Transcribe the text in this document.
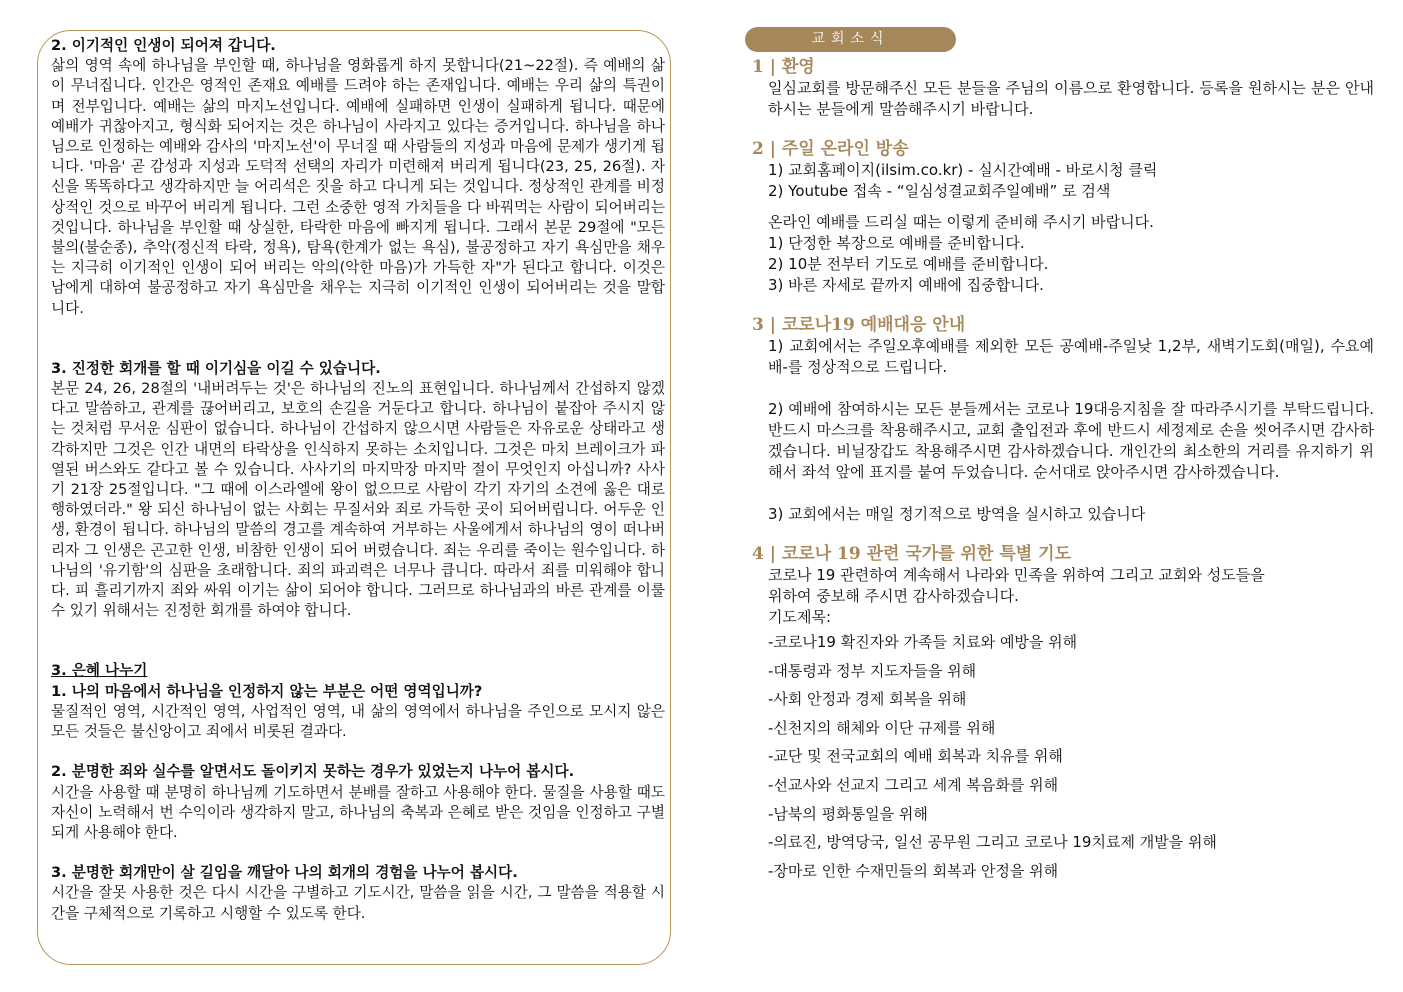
2. 이기적인 인생이 되어져 갑니다.

삶의 영역 속에 하나님을 부인할 때, 하나님을 영화롭게 하지 못합니다(21~22절). 즉 예배의 삶이 무너집니다. 인간은 영적인 존재요 예배를 드려야 하는 존재입니다. 예배는 우리 삶의 특권이며 전부입니다. 예배는 삶의 마지노선입니다. 예배에 실패하면 인생이 실패하게 됩니다. 때문에 예배가 귀찮아지고, 형식화 되어지는 것은 하나님이 사라지고 있다는 증거입니다. 하나님을 하나님으로 인정하는 예배와 감사의 '마지노선'이 무너질 때 사람들의 지성과 마음에 문제가 생기게 됩니다. '마음' 곧 감성과 지성과 도덕적 선택의 자리가 미련해져 버리게 됩니다(23, 25, 26절). 자신을 똑똑하다고 생각하지만 늘 어리석은 짓을 하고 다니게 되는 것입니다. 정상적인 관계를 비정상적인 것으로 바꾸어 버리게 됩니다. 그런 소중한 영적 가치들을 다 바꿔먹는 사람이 되어버리는 것입니다. 하나님을 부인할 때 상실한, 타락한 마음에 빠지게 됩니다. 그래서 본문 29절에 "모든 불의(불순종), 추악(정신적 타락, 정욕), 탐욕(한계가 없는 욕심), 불공정하고 자기 욕심만을 채우는 지극히 이기적인 인생이 되어 버리는 악의(악한 마음)가 가득한 자"가 된다고 합니다. 이것은 남에게 대하여 불공정하고 자기 욕심만을 채우는 지극히 이기적인 인생이 되어버리는 것을 말합니다.

3. 진정한 회개를 할 때 이기심을 이길 수 있습니다.

본문 24, 26, 28절의 '내버려두는 것'은 하나님의 진노의 표현입니다. 하나님께서 간섭하지 않겠다고 말씀하고, 관계를 끊어버리고, 보호의 손길을 거둔다고 합니다. 하나님이 붙잡아 주시지 않는 것처럼 무서운 심판이 없습니다. 하나님이 간섭하지 않으시면 사람들은 자유로운 상태라고 생각하지만 그것은 인간 내면의 타락상을 인식하지 못하는 소치입니다. 그것은 마치 브레이크가 파열된 버스와도 같다고 볼 수 있습니다. 사사기의 마지막장 마지막 절이 무엇인지 아십니까? 사사기 21장 25절입니다. "그 때에 이스라엘에 왕이 없으므로 사람이 각기 자기의 소견에 옳은 대로 행하였더라." 왕 되신 하나님이 없는 사회는 무질서와 죄로 가득한 곳이 되어버립니다. 어두운 인생, 환경이 됩니다. 하나님의 말씀의 경고를 계속하여 거부하는 사울에게서 하나님의 영이 떠나버리자 그 인생은 곤고한 인생, 비참한 인생이 되어 버렸습니다. 죄는 우리를 죽이는 원수입니다. 하나님의 '유기함'의 심판을 초래합니다. 죄의 파괴력은 너무나 큽니다. 따라서 죄를 미워해야 합니다. 피 흘리기까지 죄와 싸워 이기는 삶이 되어야 합니다. 그러므로 하나님과의 바른 관계를 이룰 수 있기 위해서는 진정한 회개를 하여야 합니다.

3. 은혜 나누기

1. 나의 마음에서 하나님을 인정하지 않는 부분은 어떤 영역입니까?

물질적인 영역, 시간적인 영역, 사업적인 영역, 내 삶의 영역에서 하나님을 주인으로 모시지 않은 모든 것들은 불신앙이고 죄에서 비롯된 결과다.

2. 분명한 죄와 실수를 알면서도 돌이키지 못하는 경우가 있었는지 나누어 봅시다.

시간을 사용할 때 분명히 하나님께 기도하면서 분배를 잘하고 사용해야 한다. 물질을 사용할 때도 자신이 노력해서 번 수익이라 생각하지 말고, 하나님의 축복과 은혜로 받은 것임을 인정하고 구별되게 사용해야 한다.

3. 분명한 회개만이 살 길임을 깨달아 나의 회개의 경험을 나누어 봅시다.

시간을 잘못 사용한 것은 다시 시간을 구별하고 기도시간, 말씀을 읽을 시간, 그 말씀을 적용할 시간을 구체적으로 기록하고 시행할 수 있도록 한다.

교회소식
1 | 환영

일심교회를 방문해주신 모든 분들을 주님의 이름으로 환영합니다. 등록을 원하시는 분은 안내하시는 분들에게 말씀해주시기 바랍니다.

2 | 주일 온라인 방송

1) 교회홈페이지(ilsim.co.kr) - 실시간예배 - 바로시청 클릭

2) Youtube 접속 - “일심성결교회주일예배” 로 검색

온라인 예배를 드리실 때는 이렇게 준비해 주시기 바랍니다.

1) 단정한 복장으로 예배를 준비합니다.

2) 10분 전부터 기도로 예배를 준비합니다.

3) 바른 자세로 끝까지 예배에 집중합니다.

3 | 코로나19 예배대응 안내

1) 교회에서는 주일오후예배를 제외한 모든 공예배-주일낮 1,2부, 새벽기도회(매일), 수요예배-를 정상적으로 드립니다.

2) 예배에 참여하시는 모든 분들께서는 코로나 19대응지침을 잘 따라주시기를 부탁드립니다. 반드시 마스크를 착용해주시고, 교회 출입전과 후에 반드시 세정제로 손을 씻어주시면 감사하겠습니다. 비닐장갑도 착용해주시면 감사하겠습니다. 개인간의 최소한의 거리를 유지하기 위해서 좌석 앞에 표지를 붙여 두었습니다. 순서대로 앉아주시면 감사하겠습니다.

3) 교회에서는 매일 정기적으로 방역을 실시하고 있습니다

4 | 코로나 19 관련 국가를 위한 특별 기도

코로나 19 관련하여 계속해서 나라와 민족을 위하여 그리고 교회와 성도들을

위하여 중보해 주시면 감사하겠습니다.

기도제목:

-코로나19 확진자와 가족들 치료와 예방을 위해

-대통령과 정부 지도자들을 위해

-사회 안정과 경제 회복을 위해

-신천지의 해체와 이단 규제를 위해

-교단 및 전국교회의 예배 회복과 치유를 위해

-선교사와 선교지 그리고 세계 복음화를 위해

-남북의 평화통일을 위해

-의료진, 방역당국, 일선 공무원 그리고 코로나 19치료제 개발을 위해

-장마로 인한 수재민들의 회복과 안정을 위해
